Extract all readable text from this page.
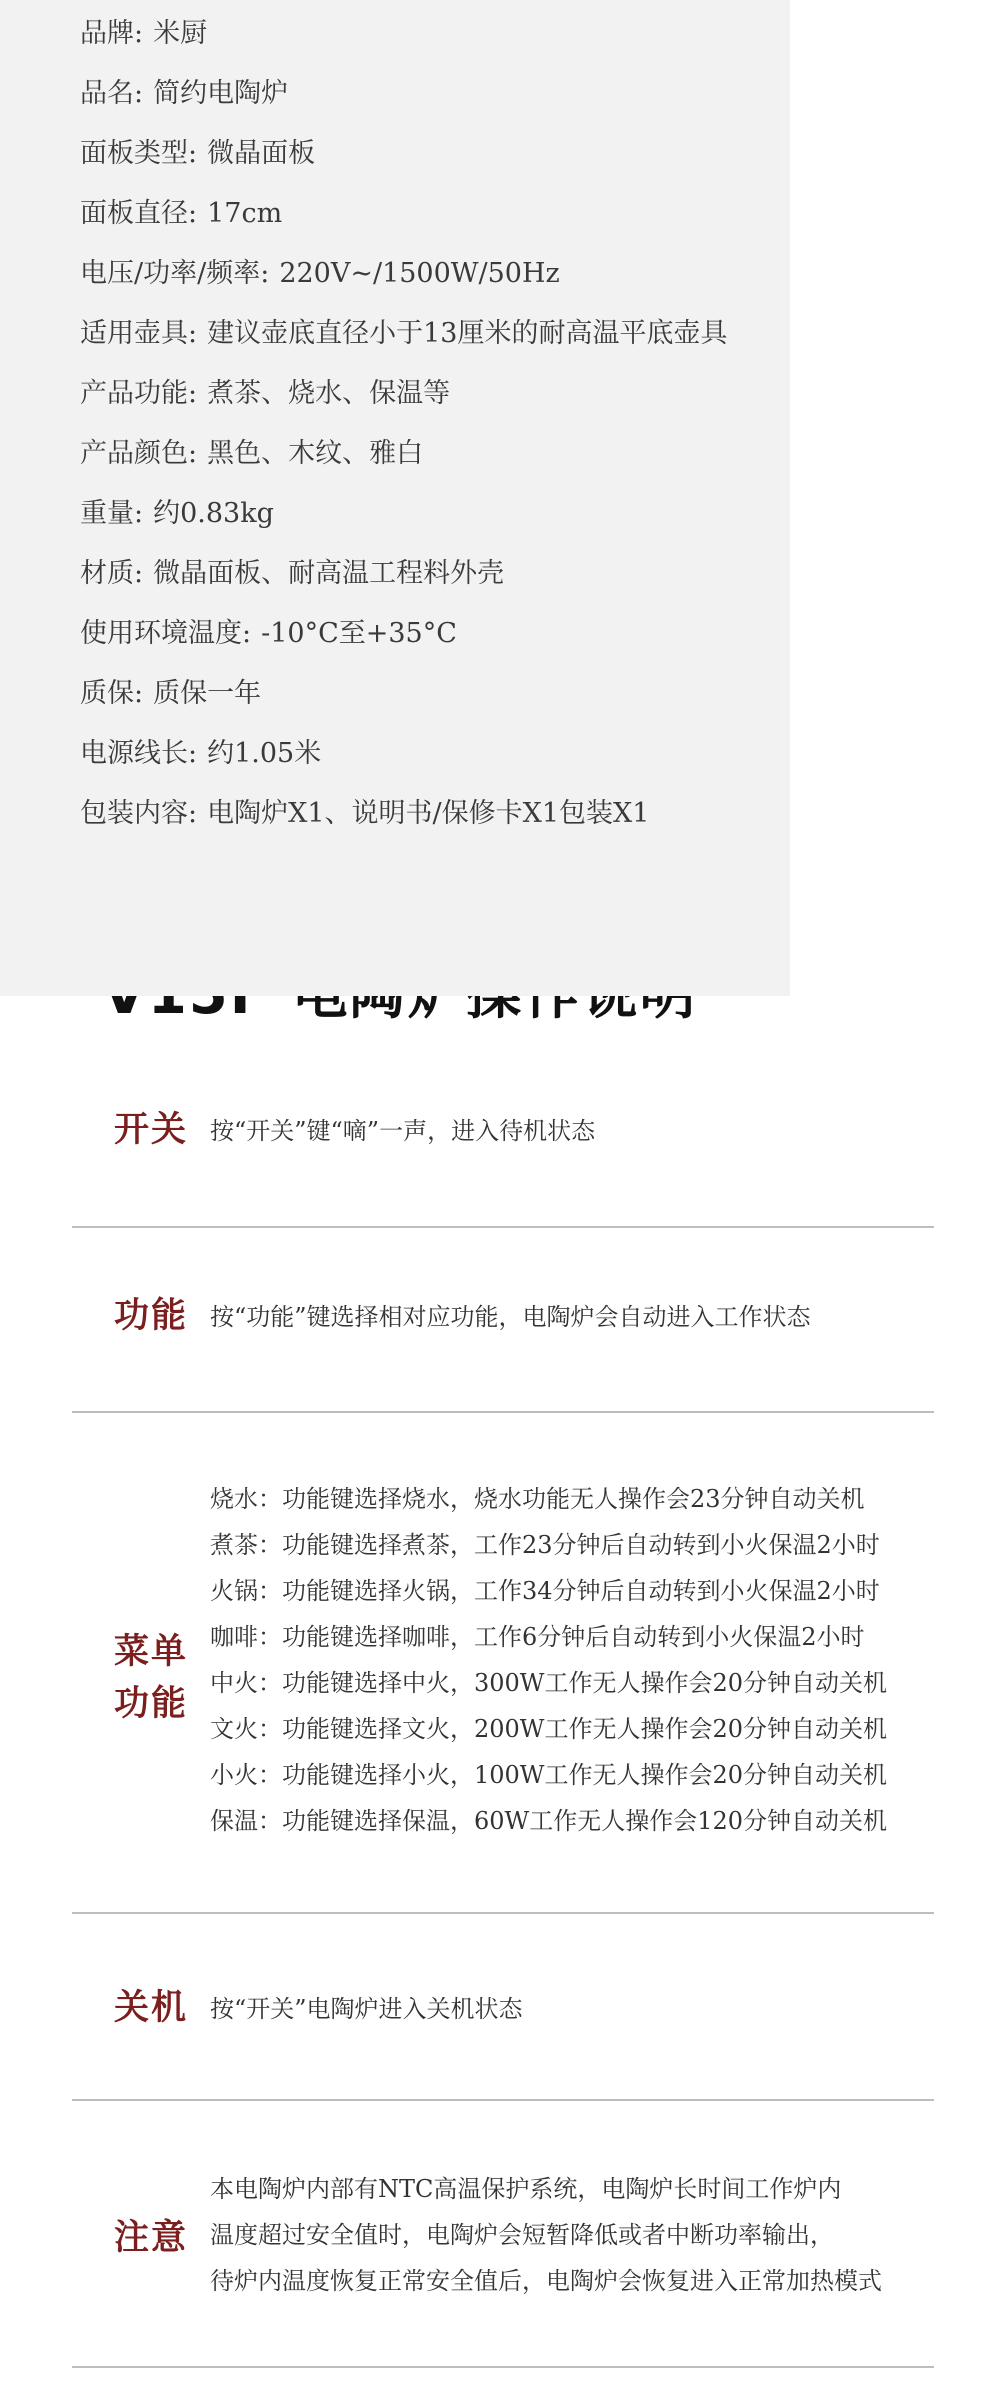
品牌: 米厨
品名: 简约电陶炉
面板类型: 微晶面板
面板直径: 17cm
电压/功率/频率: 220V~/1500W/50Hz
适用壶具: 建议壶底直径小于13厘米的耐高温平底壶具
产品功能: 煮茶、烧水、保温等
产品颜色: 黑色、木纹、雅白
重量: 约0.83kg
材质: 微晶面板、耐高温工程料外壳
使用环境温度: -10°C至+35°C
质保: 质保一年
电源线长: 约1.05米
包装内容: 电陶炉X1、说明书/保修卡X1包装X1
开关 按“开关”键“嘀”一声，进入待机状态
功能 按“功能”键选择相对应功能，电陶炉会自动进入工作状态
菜单
功能
烧水：功能键选择烧水，烧水功能无人操作会23分钟自动关机
煮茶：功能键选择煮茶，工作23分钟后自动转到小火保温2小时
火锅：功能键选择火锅，工作34分钟后自动转到小火保温2小时
咖啡：功能键选择咖啡，工作6分钟后自动转到小火保温2小时
中火：功能键选择中火，300W工作无人操作会20分钟自动关机
文火：功能键选择文火，200W工作无人操作会20分钟自动关机
小火：功能键选择小火，100W工作无人操作会20分钟自动关机
保温：功能键选择保温，60W工作无人操作会120分钟自动关机
关机 按“开关”电陶炉进入关机状态
注意
本电陶炉内部有NTC高温保护系统，电陶炉长时间工作炉内
温度超过安全值时，电陶炉会短暂降低或者中断功率输出，
待炉内温度恢复正常安全值后，电陶炉会恢复进入正常加热模式
